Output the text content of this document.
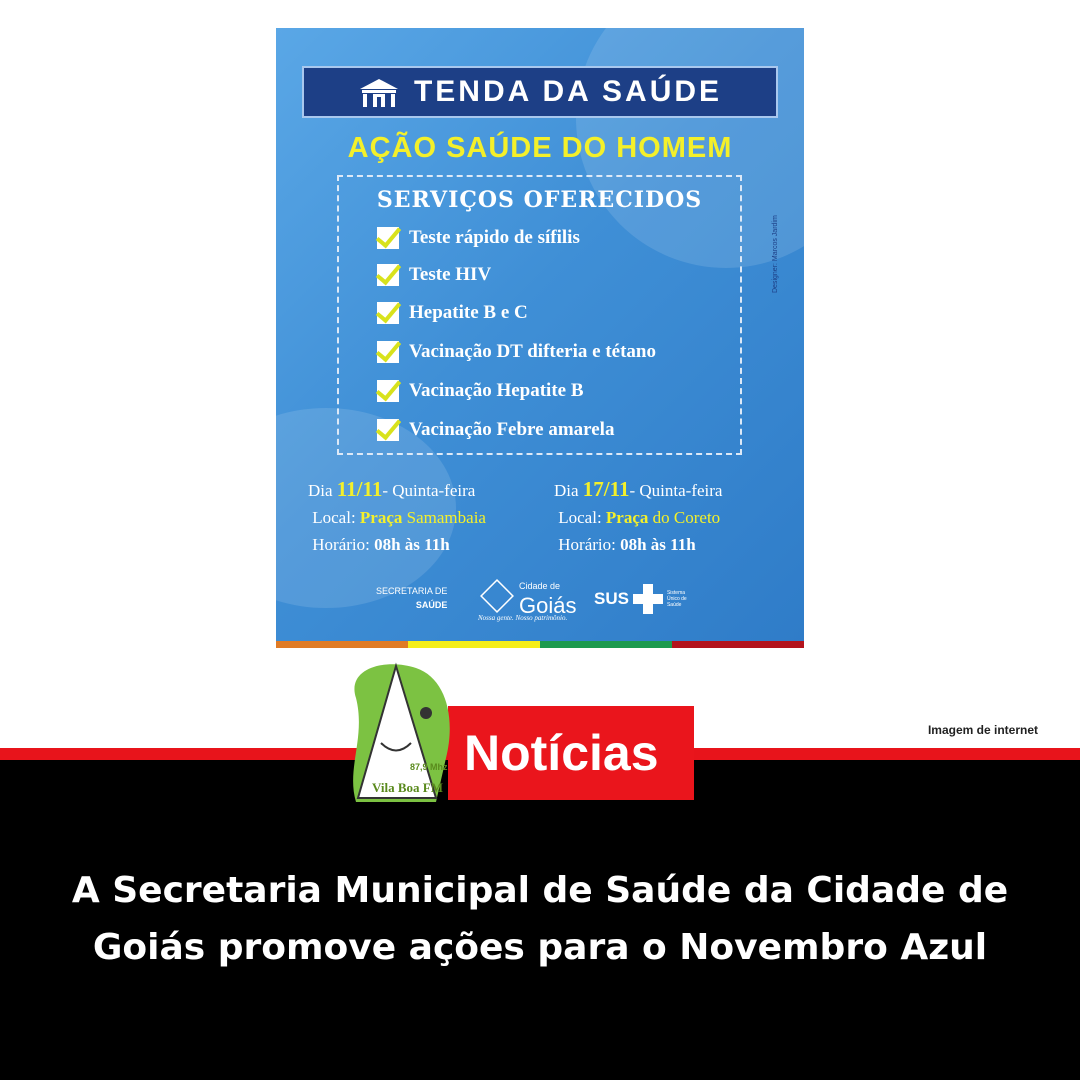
TENDA DA SAÚDE
AÇÃO SAÚDE DO HOMEM
SERVIÇOS OFERECIDOS
Teste rápido de sífilis
Teste HIV
Hepatite B e C
Vacinação DT difteria e tétano
Vacinação Hepatite B
Vacinação Febre amarela
Designer: Marcos Jardim
Dia 11/11- Quinta-feira
Local: Praça Samambaia
Horário: 08h às 11h
Dia 17/11- Quinta-feira
Local: Praça do Coreto
Horário: 08h às 11h
SECRETARIA DE
SAÚDE
Cidade de
Goiás
Nossa gente. Nosso patrimônio.
SUS	Sistema Único de Saúde
Imagem de internet
Notícias
87,9 Mhz
Vila Boa FM
A Secretaria Municipal de Saúde da Cidade de
Goiás promove ações para o Novembro Azul
